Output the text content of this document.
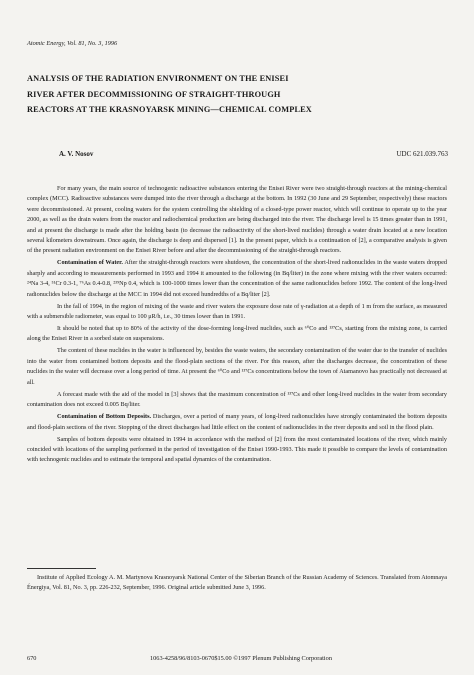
Atomic Energy, Vol. 81, No. 3, 1996
ANALYSIS OF THE RADIATION ENVIRONMENT ON THE ENISEI RIVER AFTER DECOMMISSIONING OF STRAIGHT-THROUGH REACTORS AT THE KRASNOYARSK MINING—CHEMICAL COMPLEX
A. V. Nosov	UDC 621.039.763

For many years, the main source of technogenic radioactive substances entering the Enisei River were two straight-through reactors at the mining-chemical complex (MCC). Radioactive substances were dumped into the river through a discharge at the bottom. In 1992 (30 June and 29 September, respectively) these reactors were decommissioned. At present, cooling waters for the system controlling the shielding of a closed-type power reactor, which will continue to operate up to the year 2000, as well as the drain waters from the reactor and radiochemical production are being discharged into the river. The discharge level is 15 times greater than in 1991, and at present the discharge is made after the holding basin (to decrease the radioactivity of the short-lived nuclides) through a water drain located at a new location several kilometers downstream. Once again, the discharge is deep and dispersed [1]. In the present paper, which is a continuation of [2], a comparative analysis is given of the present radiation environment on the Enisei River before and after the decommissioning of the straight-through reactors.

Contamination of Water. After the straight-through reactors were shutdown, the concentration of the short-lived radionuclides in the waste waters dropped sharply and according to measurements performed in 1993 and 1994 it amounted to the following (in Bq/liter) in the zone where mixing with the river waters occurred: ²⁴Na 3-4, ⁵¹Cr 0.3-1, ⁷⁶As 0.4-0.8, ²³⁹Np 0.4, which is 100-1000 times lower than the concentration of the same radionuclides before 1992. The content of the long-lived radionuclides below the discharge at the MCC in 1994 did not exceed hundredths of a Bq/liter [2].

In the fall of 1994, in the region of mixing of the waste and river waters the exposure dose rate of γ-radiation at a depth of 1 m from the surface, as measured with a submersible radiometer, was equal to 100 μR/h, i.e., 30 times lower than in 1991.

It should be noted that up to 80% of the activity of the dose-forming long-lived nuclides, such as ⁶⁰Co and ¹³⁷Cs, starting from the mixing zone, is carried along the Enisei River in a sorbed state on suspensions.

The content of these nuclides in the water is influenced by, besides the waste waters, the secondary contamination of the water due to the transfer of nuclides into the water from contamined bottom deposits and the flood-plain sections of the river. For this reason, after the discharges decrease, the concentration of these nuclides in the water will decrease over a long period of time. At present the ⁶⁰Co and ¹³⁷Cs concentrations below the town of Atamanovo has practically not decreased at all.

A forecast made with the aid of the model in [3] shows that the maximum concentration of ¹³⁷Cs and other long-lived nuclides in the water from secondary contamination does not exceed 0.005 Bq/liter.

Contamination of Bottom Deposits. Discharges, over a period of many years, of long-lived radionuclides have strongly contaminated the bottom deposits and flood-plain sections of the river. Stopping of the direct discharges had little effect on the content of radionuclides in the river deposits and soil in the flood plain.

Samples of bottom deposits were obtained in 1994 in accordance with the method of [2] from the most contaminated locations of the river, which mainly coincided with locations of the sampling performed in the period of investigation of the Enisei 1990-1993. This made it possible to compare the levels of contamination with technogenic nuclides and to estimate the temporal and spatial dynamics of the contamination.

Institute of Applied Ecology A. M. Martynova Krasnoyarsk National Center of the Siberian Branch of the Russian Academy of Sciences. Translated from Atomnaya Énergiya, Vol. 81, No. 3, pp. 226-232, September, 1996. Original article submitted June 3, 1996.
670	1063-4258/96/8103-0670$15.00 ©1997 Plenum Publishing Corporation
